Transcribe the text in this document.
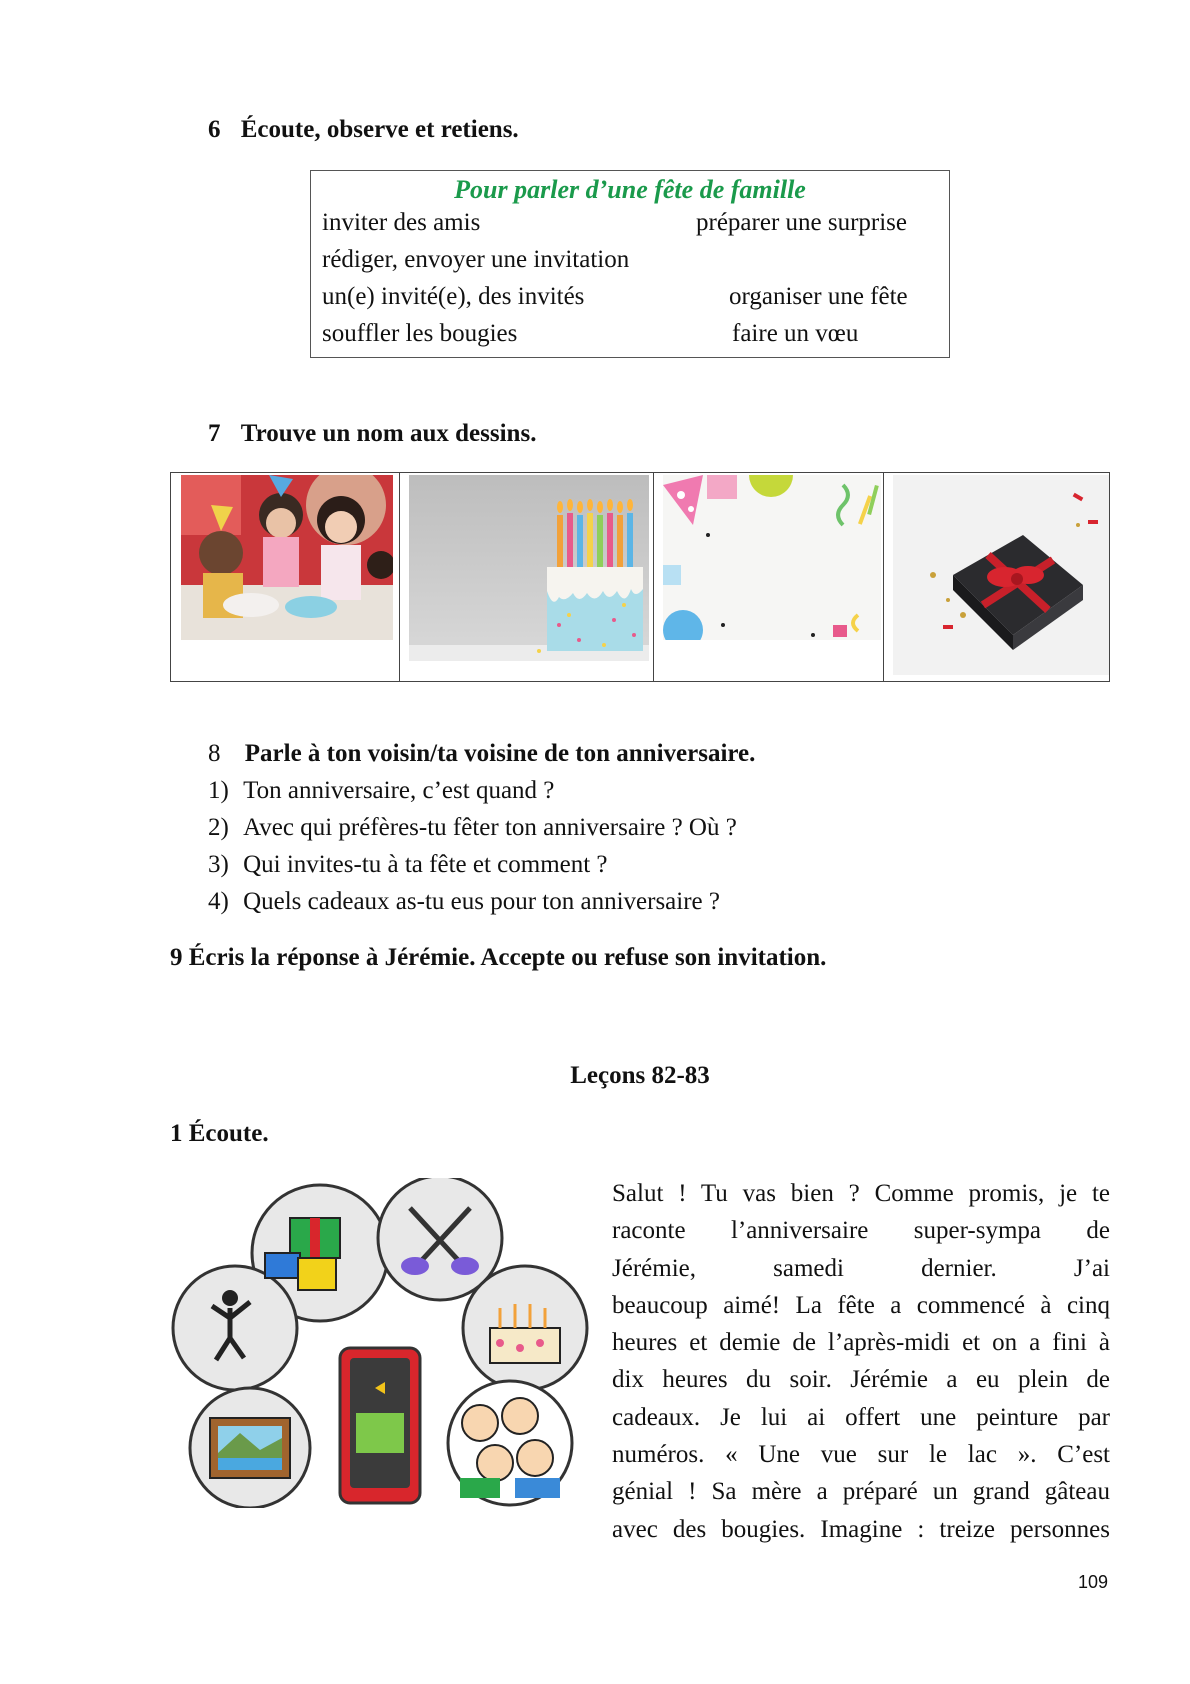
6 Écoute, observe et retiens.
Pour parler d’une fête de famille
inviter des amis	préparer une surprise
rédiger, envoyer une invitation
un(e) invité(e), des invités	organiser une fête
souffler les bougies	faire un vœu
7 Trouve un nom aux dessins.
8 Parle à ton voisin/ta voisine de ton anniversaire.
1) Ton anniversaire, c’est quand ?
2) Avec qui préfères-tu fêter ton anniversaire ? Où ?
3) Qui invites-tu à ta fête et comment ?
4) Quels cadeaux as-tu eus pour ton anniversaire ?
9 Écris la réponse à Jérémie. Accepte ou refuse son invitation.
Leçons 82-83
1 Écoute.
Salut ! Tu vas bien ? Comme promis, je te
raconte l’anniversaire super-sympa de
Jérémie, samedi dernier. J’ai
beaucoup aimé! La fête a commencé à cinq
heures et demie de l’après-midi et on a fini à
dix heures du soir. Jérémie a eu plein de
cadeaux. Je lui ai offert une peinture par
numéros. « Une vue sur le lac ». C’est
génial ! Sa mère a préparé un grand gâteau
avec des bougies. Imagine : treize personnes
109
